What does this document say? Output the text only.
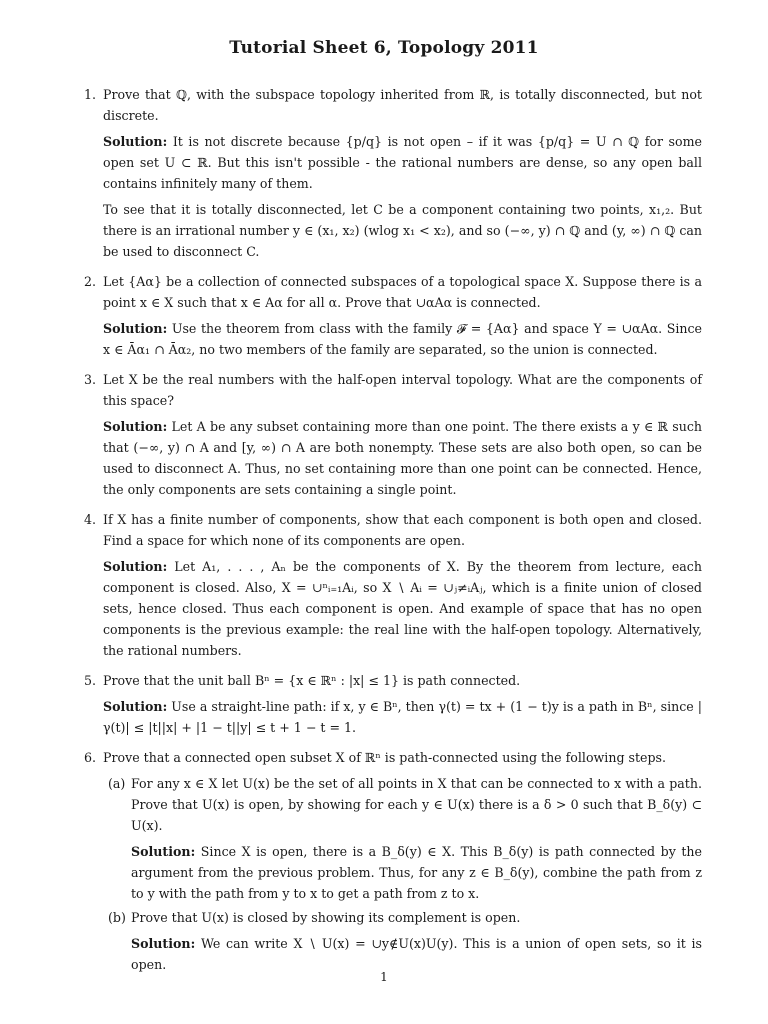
Tutorial Sheet 6, Topology 2011
1. Prove that ℚ, with the subspace topology inherited from ℝ, is totally disconnected, but not discrete.

Solution: It is not discrete because {p/q} is not open – if it was {p/q} = U ∩ ℚ for some open set U ⊂ ℝ. But this isn't possible - the rational numbers are dense, so any open ball contains infinitely many of them.

To see that it is totally disconnected, let C be a component containing two points, x₁,₂. But there is an irrational number y ∈ (x₁, x₂) (wlog x₁ < x₂), and so (−∞, y) ∩ ℚ and (y, ∞) ∩ ℚ can be used to disconnect C.

2. Let {Aα} be a collection of connected subspaces of a topological space X. Suppose there is a point x ∈ X such that x ∈ Aα for all α. Prove that ∪αAα is connected.

Solution: Use the theorem from class with the family 𝓕 = {Aα} and space Y = ∪αAα. Since x ∈ Āα₁ ∩ Āα₂, no two members of the family are separated, so the union is connected.

3. Let X be the real numbers with the half-open interval topology. What are the components of this space?

Solution: Let A be any subset containing more than one point. The there exists a y ∈ ℝ such that (−∞, y) ∩ A and [y, ∞) ∩ A are both nonempty. These sets are also both open, so can be used to disconnect A. Thus, no set containing more than one point can be connected. Hence, the only components are sets containing a single point.

4. If X has a finite number of components, show that each component is both open and closed. Find a space for which none of its components are open.

Solution: Let A₁, . . . , Aₙ be the components of X. By the theorem from lecture, each component is closed. Also, X = ∪ⁿᵢ₌₁Aᵢ, so X ∖ Aᵢ = ∪ⱼ≠ᵢAⱼ, which is a finite union of closed sets, hence closed. Thus each component is open. And example of space that has no open components is the previous example: the real line with the half-open topology. Alternatively, the rational numbers.

5. Prove that the unit ball Bⁿ = {x ∈ ℝⁿ : |x| ≤ 1} is path connected.

Solution: Use a straight-line path: if x, y ∈ Bⁿ, then γ(t) = tx + (1 − t)y is a path in Bⁿ, since |γ(t)| ≤ |t||x| + |1 − t||y| ≤ t + 1 − t = 1.

6. Prove that a connected open subset X of ℝⁿ is path-connected using the following steps.

(a) For any x ∈ X let U(x) be the set of all points in X that can be connected to x with a path. Prove that U(x) is open, by showing for each y ∈ U(x) there is a δ > 0 such that B_δ(y) ⊂ U(x).

Solution: Since X is open, there is a B_δ(y) ∈ X. This B_δ(y) is path connected by the argument from the previous problem. Thus, for any z ∈ B_δ(y), combine the path from z to y with the path from y to x to get a path from z to x.

(b) Prove that U(x) is closed by showing its complement is open.

Solution: We can write X ∖ U(x) = ∪y∉U(x)U(y). This is a union of open sets, so it is open.

1
